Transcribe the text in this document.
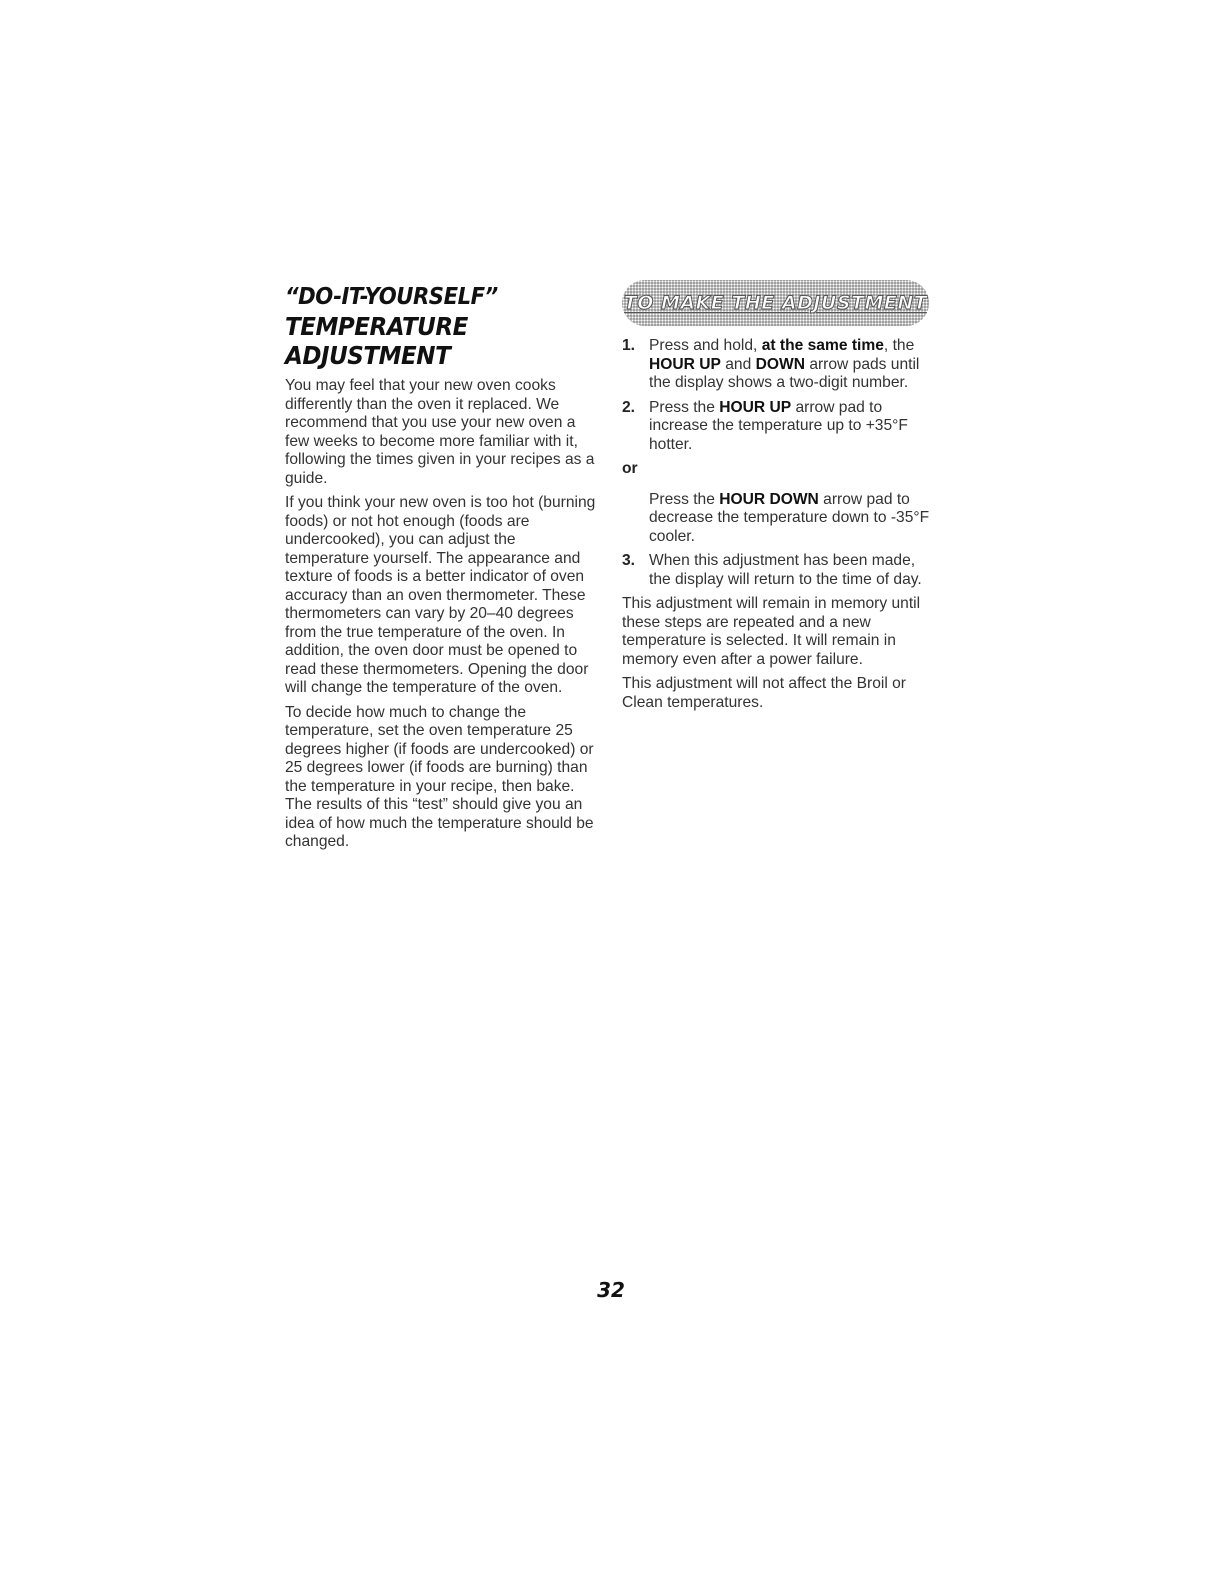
“DO-IT-YOURSELF”

TEMPERATURE

ADJUSTMENT

You may feel that your new oven cooks differently than the oven it replaced. We recommend that you use your new oven a few weeks to become more familiar with it, following the times given in your recipes as a guide.

If you think your new oven is too hot (burning foods) or not hot enough (foods are undercooked), you can adjust the temperature yourself. The appearance and texture of foods is a better indicator of oven accuracy than an oven thermometer. These thermometers can vary by 20–40 degrees from the true temperature of the oven. In addition, the oven door must be opened to read these thermometers. Opening the door will change the temperature of the oven.

To decide how much to change the temperature, set the oven temperature 25 degrees higher (if foods are undercooked) or 25 degrees lower (if foods are burning) than the temperature in your recipe, then bake. The results of this “test” should give you an idea of how much the temperature should be changed.

TO MAKE THE ADJUSTMENT
1. Press and hold, at the same time, the HOUR UP and DOWN arrow pads until the display shows a two-digit number.
2. Press the HOUR UP arrow pad to increase the temperature up to +35°F hotter.
or
Press the HOUR DOWN arrow pad to decrease the temperature down to -35°F cooler.
3. When this adjustment has been made, the display will return to the time of day.

This adjustment will remain in memory until these steps are repeated and a new temperature is selected. It will remain in memory even after a power failure.

This adjustment will not affect the Broil or Clean temperatures.

32
